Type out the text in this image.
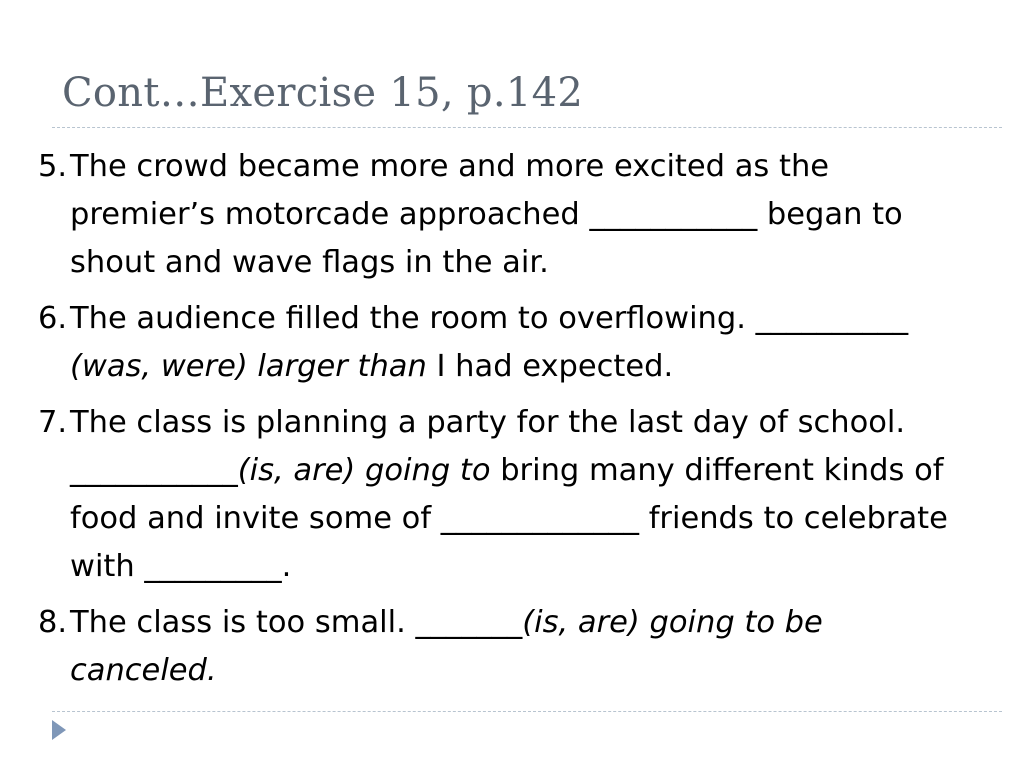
Cont…Exercise 15, p.142
5. The crowd became more and more excited as the premier’s motorcade approached ___________ began to shout and wave flags in the air.
6. The audience filled the room to overflowing. __________ (was, were) larger than I had expected.
7. The class is planning a party for the last day of school. ___________(is, are) going to bring many different kinds of food and invite some of _____________ friends to celebrate with _________.
8. The class is too small. _______(is, are) going to be canceled.
